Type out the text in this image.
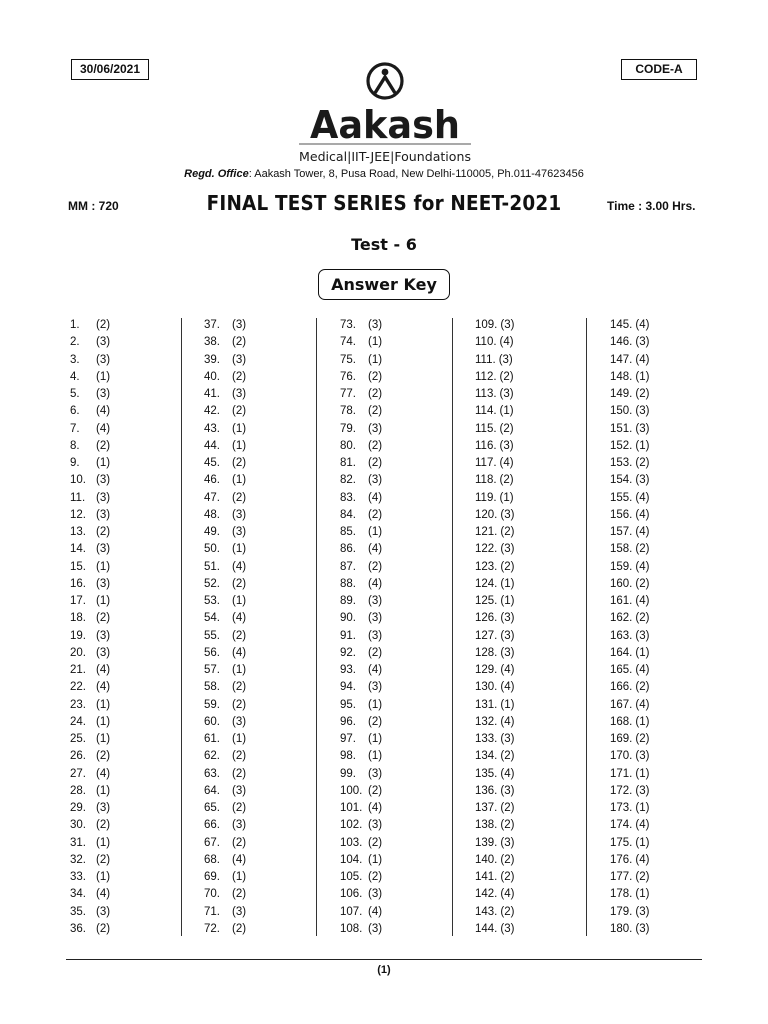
30/06/2021	CODE-A
Aakash
Medical|IIT-JEE|Foundations
Regd. Office: Aakash Tower, 8, Pusa Road, New Delhi-110005, Ph.011-47623456
MM : 720	FINAL TEST SERIES for NEET-2021	Time : 3.00 Hrs.
Test - 6
Answer Key
1. (2)
2. (3)
3. (3)
4. (1)
5. (3)
6. (4)
7. (4)
8. (2)
9. (1)
10. (3)
11. (3)
12. (3)
13. (2)
14. (3)
15. (1)
16. (3)
17. (1)
18. (2)
19. (3)
20. (3)
21. (4)
22. (4)
23. (1)
24. (1)
25. (1)
26. (2)
27. (4)
28. (1)
29. (3)
30. (2)
31. (1)
32. (2)
33. (1)
34. (4)
35. (3)
36. (2)
37. (3)
38. (2)
39. (3)
40. (2)
41. (3)
42. (2)
43. (1)
44. (1)
45. (2)
46. (1)
47. (2)
48. (3)
49. (3)
50. (1)
51. (4)
52. (2)
53. (1)
54. (4)
55. (2)
56. (4)
57. (1)
58. (2)
59. (2)
60. (3)
61. (1)
62. (2)
63. (2)
64. (3)
65. (2)
66. (3)
67. (2)
68. (4)
69. (1)
70. (2)
71. (3)
72. (2)
73. (3)
74. (1)
75. (1)
76. (2)
77. (2)
78. (2)
79. (3)
80. (2)
81. (2)
82. (3)
83. (4)
84. (2)
85. (1)
86. (4)
87. (2)
88. (4)
89. (3)
90. (3)
91. (3)
92. (2)
93. (4)
94. (3)
95. (1)
96. (2)
97. (1)
98. (1)
99. (3)
100. (2)
101. (4)
102. (3)
103. (2)
104. (1)
105. (2)
106. (3)
107. (4)
108. (3)
109. (3)
110. (4)
111. (3)
112. (2)
113. (3)
114. (1)
115. (2)
116. (3)
117. (4)
118. (2)
119. (1)
120. (3)
121. (2)
122. (3)
123. (2)
124. (1)
125. (1)
126. (3)
127. (3)
128. (3)
129. (4)
130. (4)
131. (1)
132. (4)
133. (3)
134. (2)
135. (4)
136. (3)
137. (2)
138. (2)
139. (3)
140. (2)
141. (2)
142. (4)
143. (2)
144. (3)
145. (4)
146. (3)
147. (4)
148. (1)
149. (2)
150. (3)
151. (3)
152. (1)
153. (2)
154. (3)
155. (4)
156. (4)
157. (4)
158. (2)
159. (4)
160. (2)
161. (4)
162. (2)
163. (3)
164. (1)
165. (4)
166. (2)
167. (4)
168. (1)
169. (2)
170. (3)
171. (1)
172. (3)
173. (1)
174. (4)
175. (1)
176. (4)
177. (2)
178. (1)
179. (3)
180. (3)
(1)
